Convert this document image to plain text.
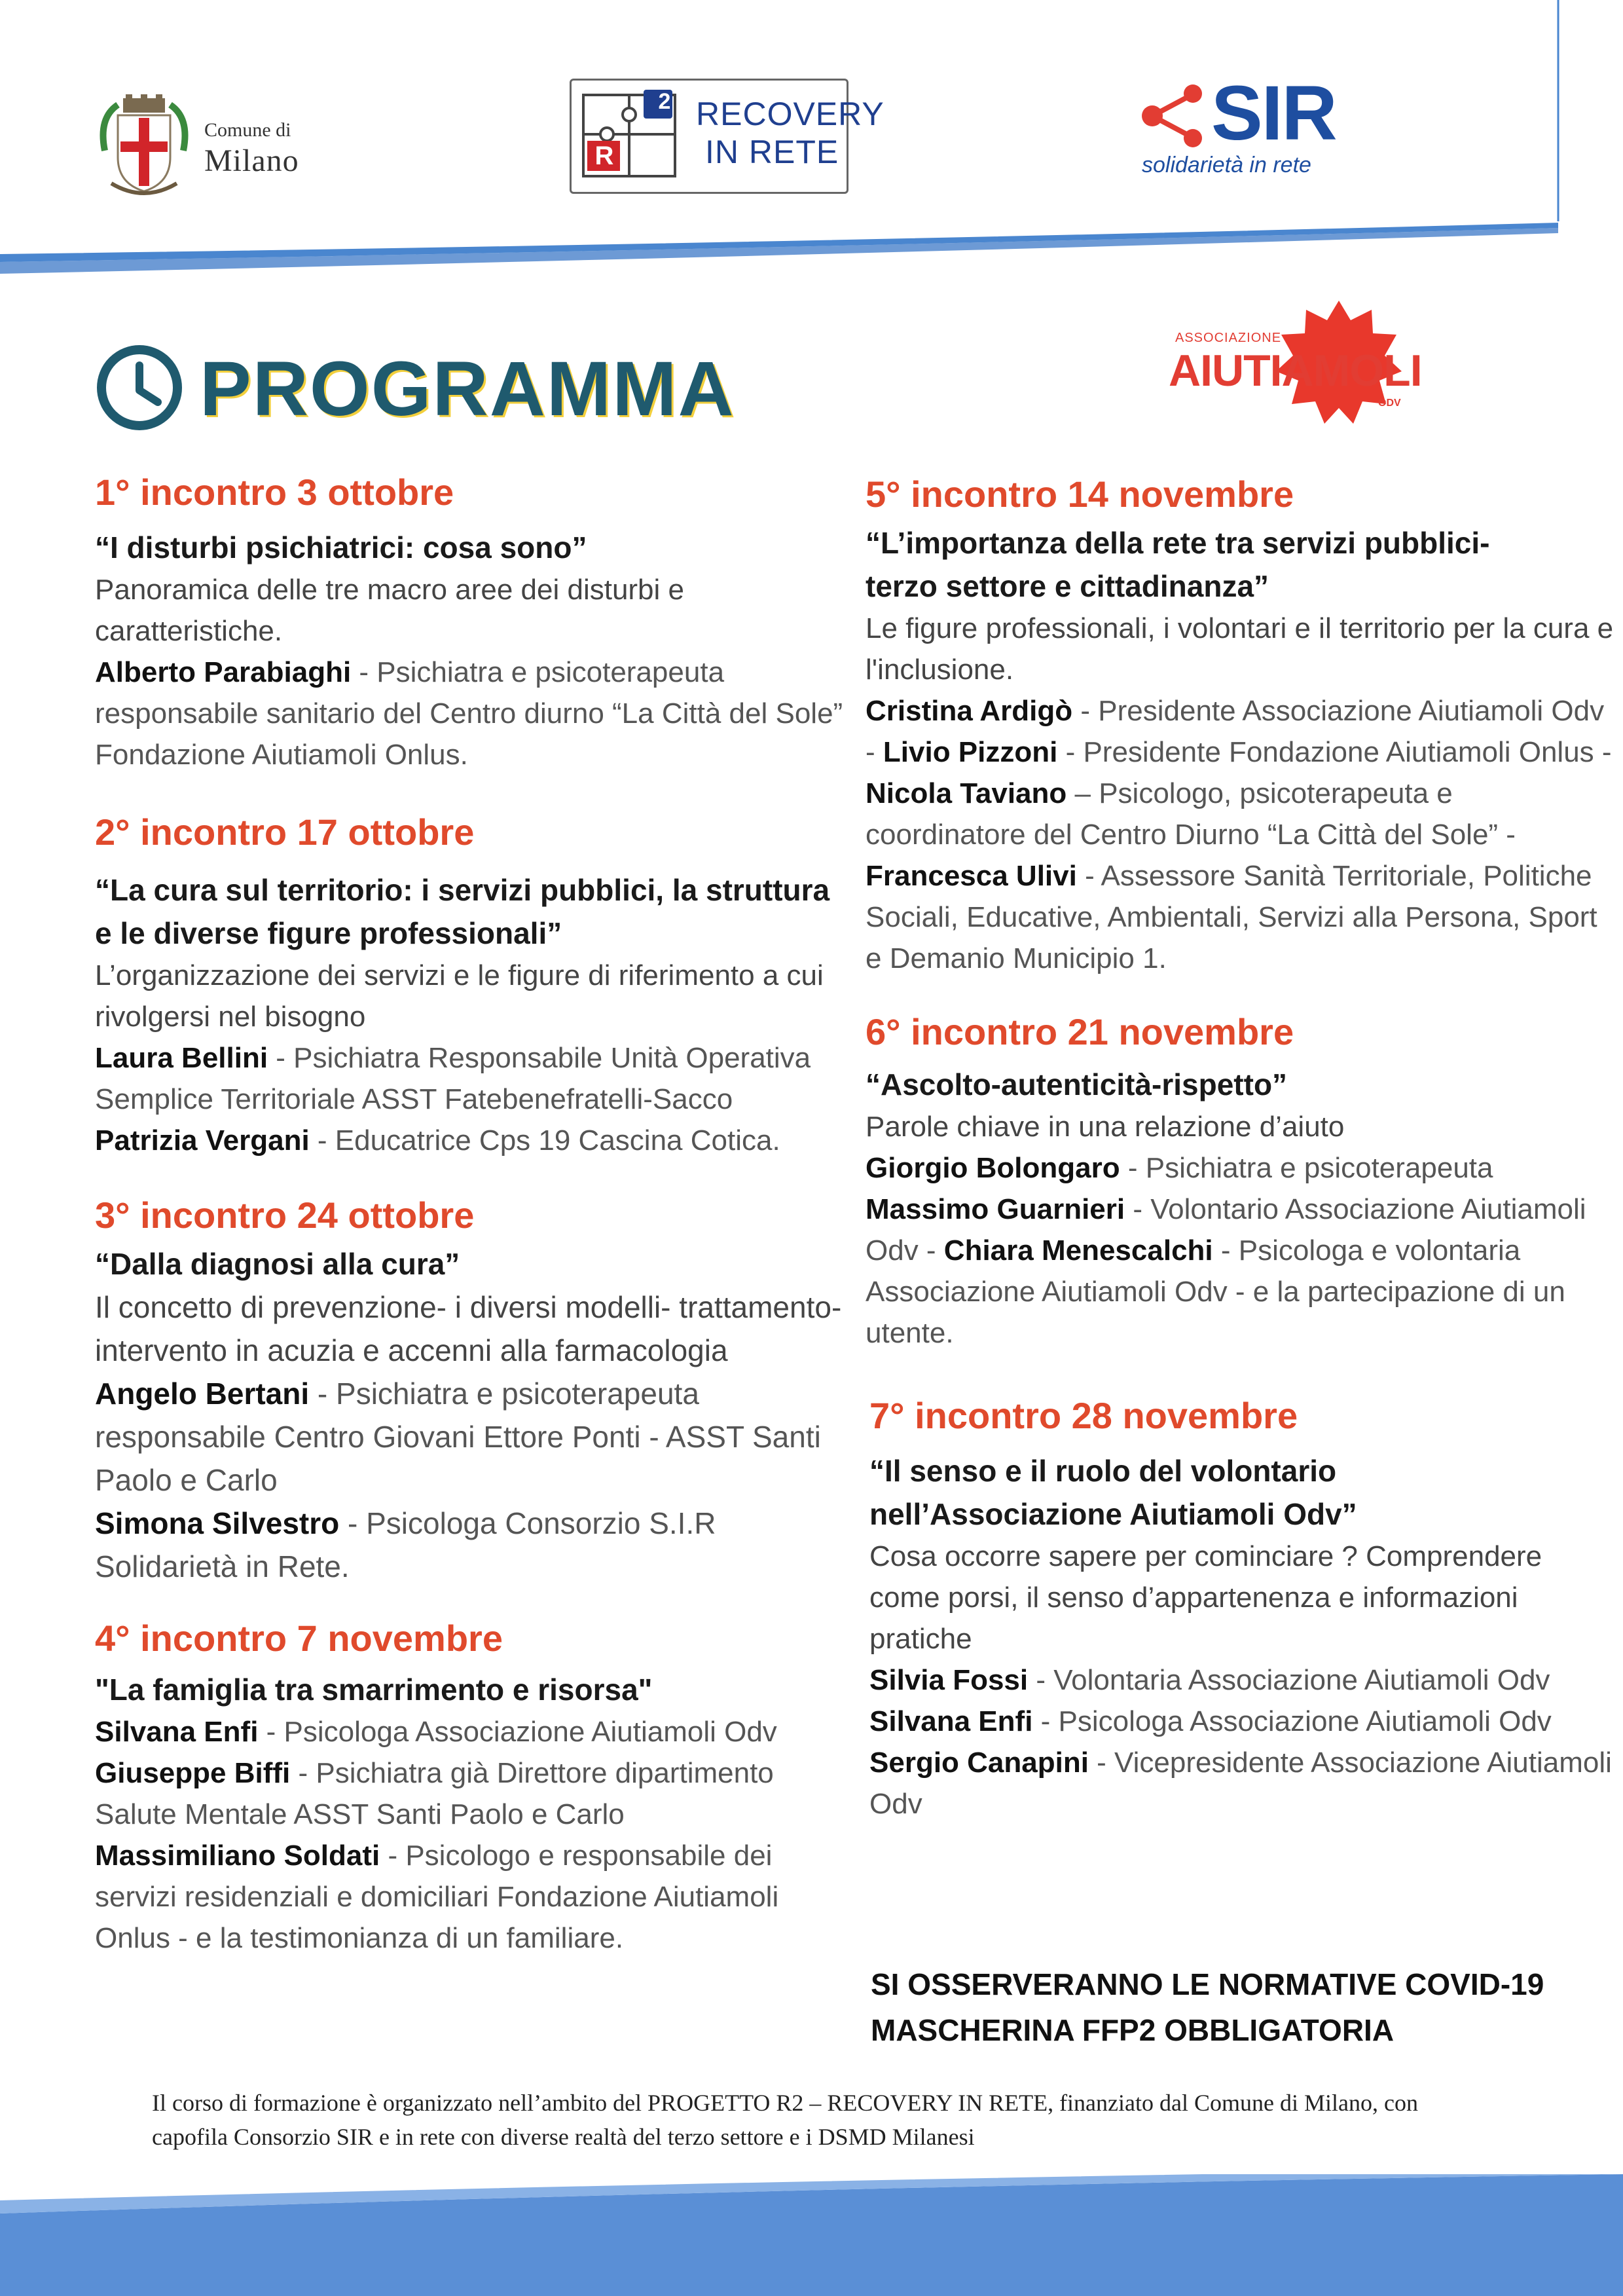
Comune di
Milano
2
R
RECOVERY
IN RETE	SIR
solidarietà in rete
ASSOCIAZIONE
AIUTIAMOLI
ODV
PROGRAMMA

1° incontro 3 ottobre

“I disturbi psichiatrici: cosa sono”

Panoramica delle tre macro aree dei disturbi e caratteristiche.

Alberto Parabiaghi - Psichiatra e psicoterapeuta responsabile sanitario del Centro diurno “La Città del Sole” Fondazione Aiutiamoli Onlus.

2° incontro 17 ottobre

“La cura sul territorio: i servizi pubblici, la struttura e le diverse figure professionali”

L’organizzazione dei servizi e le figure di riferimento a cui rivolgersi nel bisogno

Laura Bellini - Psichiatra Responsabile Unità Operativa Semplice Territoriale ASST Fatebenefratelli-Sacco

Patrizia Vergani - Educatrice Cps 19 Cascina Cotica.

3° incontro 24 ottobre

“Dalla diagnosi alla cura”

Il concetto di prevenzione- i diversi modelli- trattamento- intervento in acuzia e accenni alla farmacologia

Angelo Bertani - Psichiatra e psicoterapeuta responsabile Centro Giovani Ettore Ponti - ASST Santi Paolo e Carlo

Simona Silvestro - Psicologa Consorzio S.I.R Solidarietà in Rete.

4° incontro 7 novembre

"La famiglia tra smarrimento e risorsa"

Silvana Enfi - Psicologa Associazione Aiutiamoli Odv

Giuseppe Biffi - Psichiatra già Direttore dipartimento Salute Mentale ASST Santi Paolo e Carlo

Massimiliano Soldati - Psicologo e responsabile dei servizi residenziali e domiciliari Fondazione Aiutiamoli Onlus - e la testimonianza di un familiare.

5° incontro 14 novembre

“L’importanza della rete tra servizi pubblici- terzo settore e cittadinanza”

Le figure professionali, i volontari e il territorio per la cura e l'inclusione.

Cristina Ardigò - Presidente Associazione Aiutiamoli Odv - Livio Pizzoni - Presidente Fondazione Aiutiamoli Onlus - Nicola Taviano – Psicologo, psicoterapeuta e coordinatore del Centro Diurno “La Città del Sole” - Francesca Ulivi - Assessore Sanità Territoriale, Politiche Sociali, Educative, Ambientali, Servizi alla Persona, Sport e Demanio Municipio 1.

6° incontro 21 novembre

“Ascolto-autenticità-rispetto”

Parole chiave in una relazione d’aiuto

Giorgio Bolongaro - Psichiatra e psicoterapeuta

Massimo Guarnieri - Volontario Associazione Aiutiamoli Odv - Chiara Menescalchi - Psicologa e volontaria Associazione Aiutiamoli Odv - e la partecipazione di un utente.

7° incontro 28 novembre

“Il senso e il ruolo del volontario nell’Associazione Aiutiamoli Odv”

Cosa occorre sapere per cominciare ? Comprendere come porsi, il senso d’appartenenza e informazioni pratiche

Silvia Fossi - Volontaria Associazione Aiutiamoli Odv

Silvana Enfi - Psicologa Associazione Aiutiamoli Odv

Sergio Canapini - Vicepresidente Associazione Aiutiamoli Odv

SI OSSERVERANNO LE NORMATIVE COVID-19
MASCHERINA FFP2 OBBLIGATORIA
Il corso di formazione è organizzato nell’ambito del PROGETTO R2 – RECOVERY IN RETE, finanziato dal Comune di Milano, con capofila Consorzio SIR e in rete con diverse realtà del terzo settore e i DSMD Milanesi
